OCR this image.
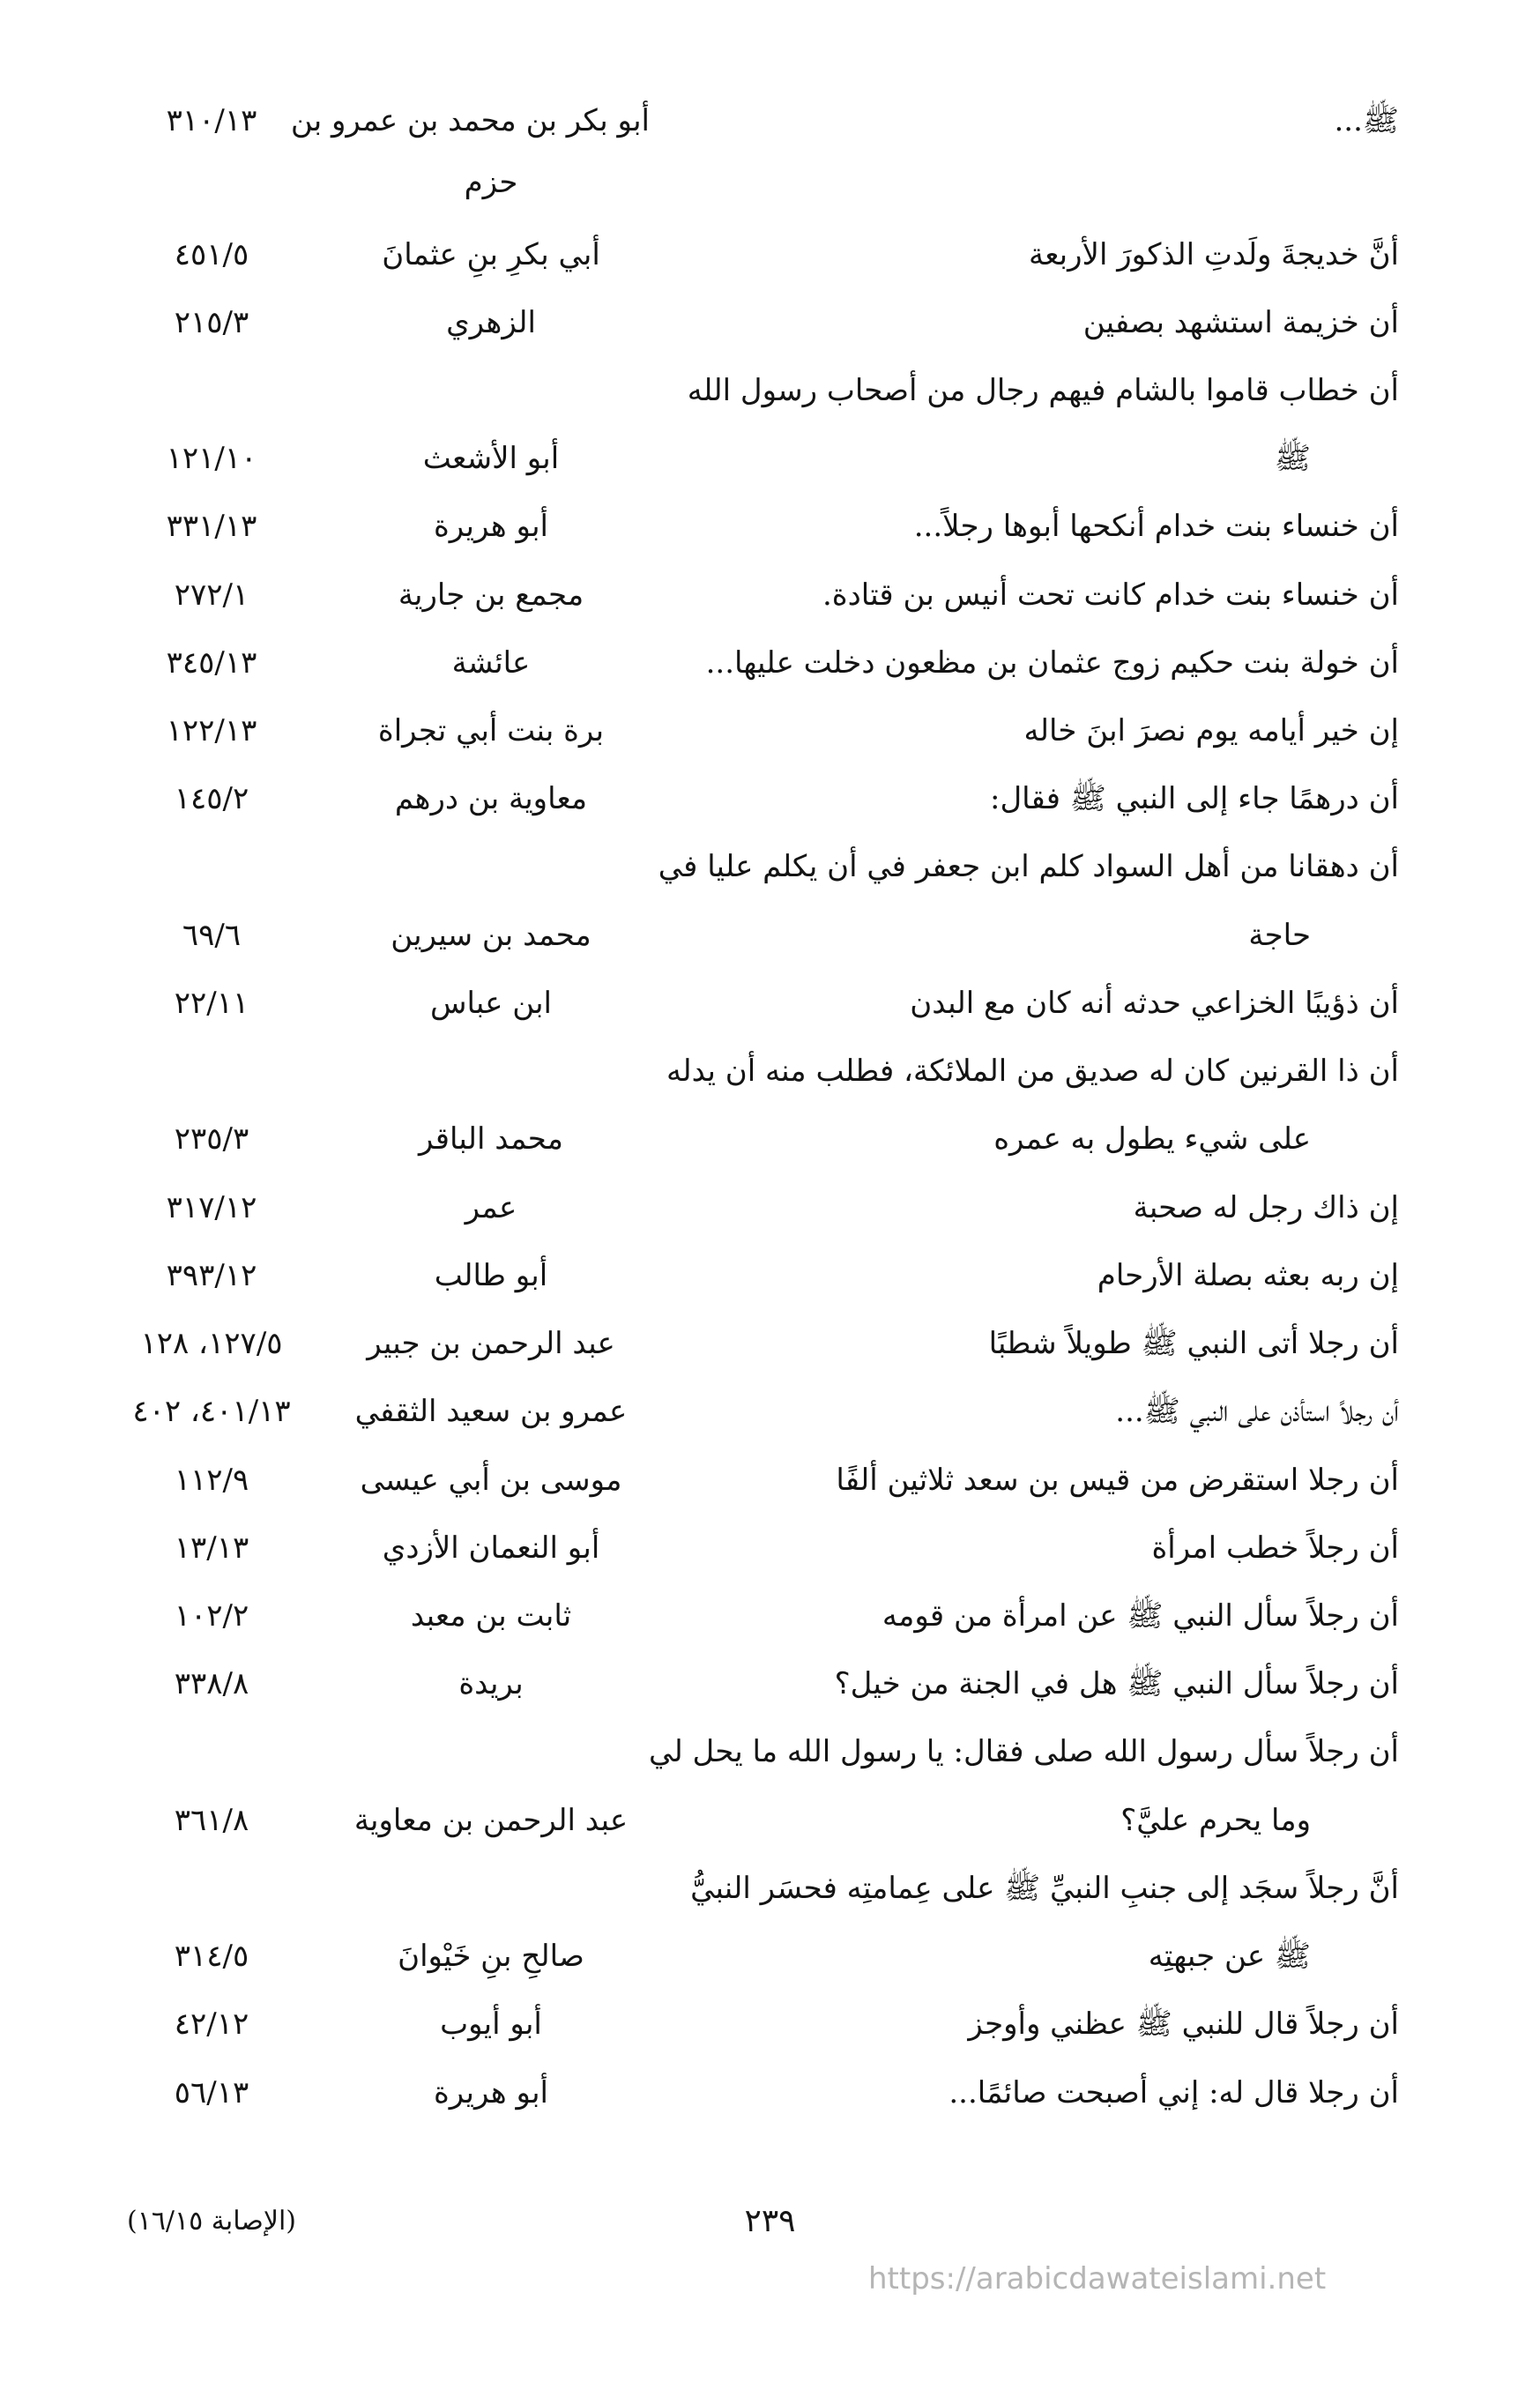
ﷺ...
أبو بكر بن محمد بن عمرو بن
٣١٠/١٣
حزم
أنَّ خديجةَ ولَدتِ الذكورَ الأربعة
أبي بكرِ بنِ عثمانَ
٤٥١/٥
أن خزيمة استشهد بصفين
الزهري
٢١٥/٣
أن خطاب قاموا بالشام فيهم رجال من أصحاب رسول الله
ﷺ
أبو الأشعث
١٢١/١٠
أن خنساء بنت خدام أنكحها أبوها رجلاً...
أبو هريرة
٣٣١/١٣
أن خنساء بنت خدام كانت تحت أنيس بن قتادة.
مجمع بن جارية
٢٧٢/١
أن خولة بنت حكيم زوج عثمان بن مظعون دخلت عليها...
عائشة
٣٤٥/١٣
إن خير أيامه يوم نصرَ ابنَ خاله
برة بنت أبي تجراة
١٢٢/١٣
أن درهمًا جاء إلى النبي ﷺ فقال:
معاوية بن درهم
١٤٥/٢
أن دهقانا من أهل السواد كلم ابن جعفر في أن يكلم عليا في
حاجة
محمد بن سيرين
٦٩/٦
أن ذؤيبًا الخزاعي حدثه أنه كان مع البدن
ابن عباس
٢٢/١١
أن ذا القرنين كان له صديق من الملائكة، فطلب منه أن يدله
على شيء يطول به عمره
محمد الباقر
٢٣٥/٣
إن ذاك رجل له صحبة
عمر
٣١٧/١٢
إن ربه بعثه بصلة الأرحام
أبو طالب
٣٩٣/١٢
أن رجلا أتى النبي ﷺ طويلاً شطبًا
عبد الرحمن بن جبير
١٢٧/٥، ١٢٨
أن رجلاً استأذن على النبي ﷺ...
عمرو بن سعيد الثقفي
٤٠١/١٣، ٤٠٢
أن رجلا استقرض من قيس بن سعد ثلاثين ألفًا
موسى بن أبي عيسى
١١٢/٩
أن رجلاً خطب امرأة
أبو النعمان الأزدي
١٣/١٣
أن رجلاً سأل النبي ﷺ عن امرأة من قومه
ثابت بن معبد
١٠٢/٢
أن رجلاً سأل النبي ﷺ هل في الجنة من خيل؟
بريدة
٣٣٨/٨
أن رجلاً سأل رسول الله صلى فقال: يا رسول الله ما يحل لي
وما يحرم عليَّ؟
عبد الرحمن بن معاوية
٣٦١/٨
أنَّ رجلاً سجَد إلى جنبِ النبيِّ ﷺ على عِمامتِه فحسَر النبيُّ
ﷺ عن جبهتِه
صالحِ بنِ خَيْوانَ
٣١٤/٥
أن رجلاً قال للنبي ﷺ عظني وأوجز
أبو أيوب
٤٢/١٢
أن رجلا قال له: إني أصبحت صائمًا...
أبو هريرة
٥٦/١٣
٢٣٩
(الإصابة ١٦/١٥)
https://arabicdawateislami.net
